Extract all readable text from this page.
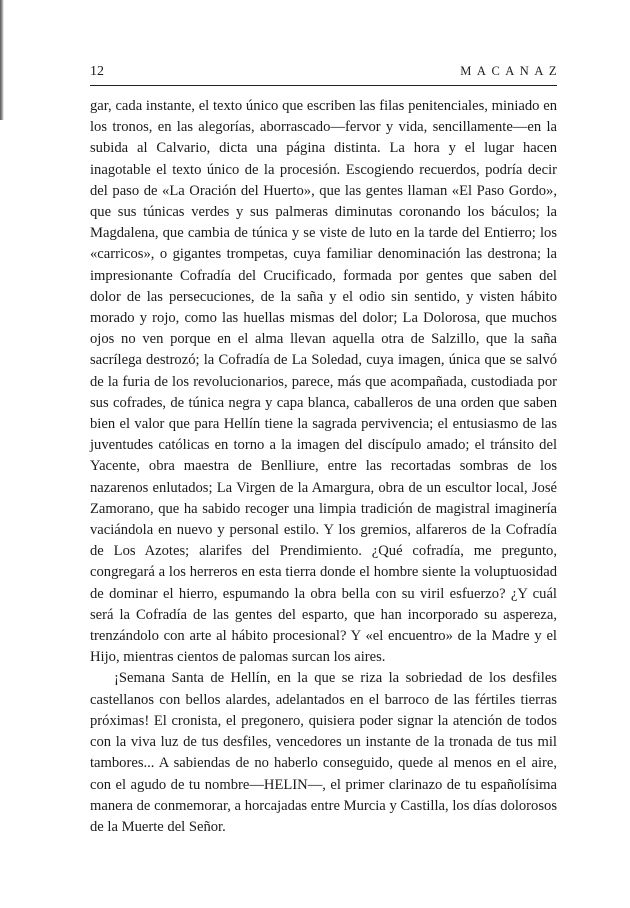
12	MACANAZ

gar, cada instante, el texto único que escriben las filas penitenciales, miniado en los tronos, en las alegorías, aborrascado—fervor y vida, sencillamente—en la subida al Calvario, dicta una página distinta. La hora y el lugar hacen inagotable el texto único de la procesión. Escogiendo recuerdos, podría decir del paso de «La Oración del Huerto», que las gentes llaman «El Paso Gordo», que sus túnicas verdes y sus palmeras diminutas coronando los báculos; la Magdalena, que cambia de túnica y se viste de luto en la tarde del Entierro; los «carricos», o gigantes trompetas, cuya familiar denominación las destrona; la impresionante Cofradía del Crucificado, formada por gentes que saben del dolor de las persecuciones, de la saña y el odio sin sentido, y visten hábito morado y rojo, como las huellas mismas del dolor; La Dolorosa, que muchos ojos no ven porque en el alma llevan aquella otra de Salzillo, que la saña sacrílega destrozó; la Cofradía de La Soledad, cuya imagen, única que se salvó de la furia de los revolucionarios, parece, más que acompañada, custodiada por sus cofrades, de túnica negra y capa blanca, caballeros de una orden que saben bien el valor que para Hellín tiene la sagrada pervivencia; el entusiasmo de las juventudes católicas en torno a la imagen del discípulo amado; el tránsito del Yacente, obra maestra de Benlliure, entre las recortadas sombras de los nazarenos enlutados; La Virgen de la Amargura, obra de un escultor local, José Zamorano, que ha sabido recoger una limpia tradición de magistral imaginería vaciándola en nuevo y personal estilo. Y los gremios, alfareros de la Cofradía de Los Azotes; alarifes del Prendimiento. ¿Qué cofradía, me pregunto, congregará a los herreros en esta tierra donde el hombre siente la voluptuosidad de dominar el hierro, espumando la obra bella con su viril esfuerzo? ¿Y cuál será la Cofradía de las gentes del esparto, que han incorporado su aspereza, trenzándolo con arte al hábito procesional? Y «el encuentro» de la Madre y el Hijo, mientras cientos de palomas surcan los aires.

¡Semana Santa de Hellín, en la que se riza la sobriedad de los desfiles castellanos con bellos alardes, adelantados en el barroco de las fértiles tierras próximas! El cronista, el pregonero, quisiera poder signar la atención de todos con la viva luz de tus desfiles, vencedores un instante de la tronada de tus mil tambores... A sabiendas de no haberlo conseguido, quede al menos en el aire, con el agudo de tu nombre—HELIN—, el primer clarinazo de tu españolísima manera de conmemorar, a horcajadas entre Murcia y Castilla, los días dolorosos de la Muerte del Señor.
